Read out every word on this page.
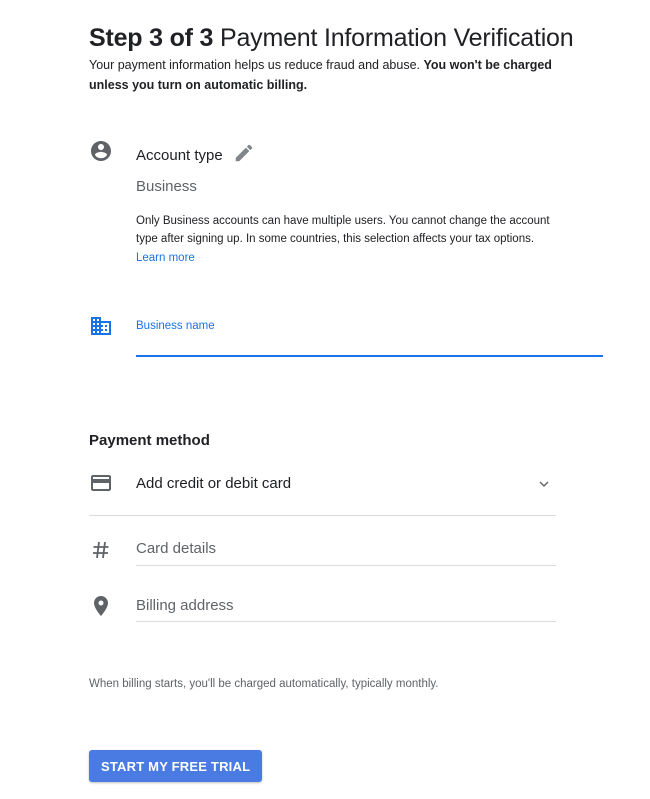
Step 3 of 3 Payment Information Verification
Your payment information helps us reduce fraud and abuse. You won't be charged unless you turn on automatic billing.
Account type
Business
Only Business accounts can have multiple users. You cannot change the account type after signing up. In some countries, this selection affects your tax options.
Learn more
Business name
Payment method
Add credit or debit card
Card details
Billing address
When billing starts, you'll be charged automatically, typically monthly.
START MY FREE TRIAL
